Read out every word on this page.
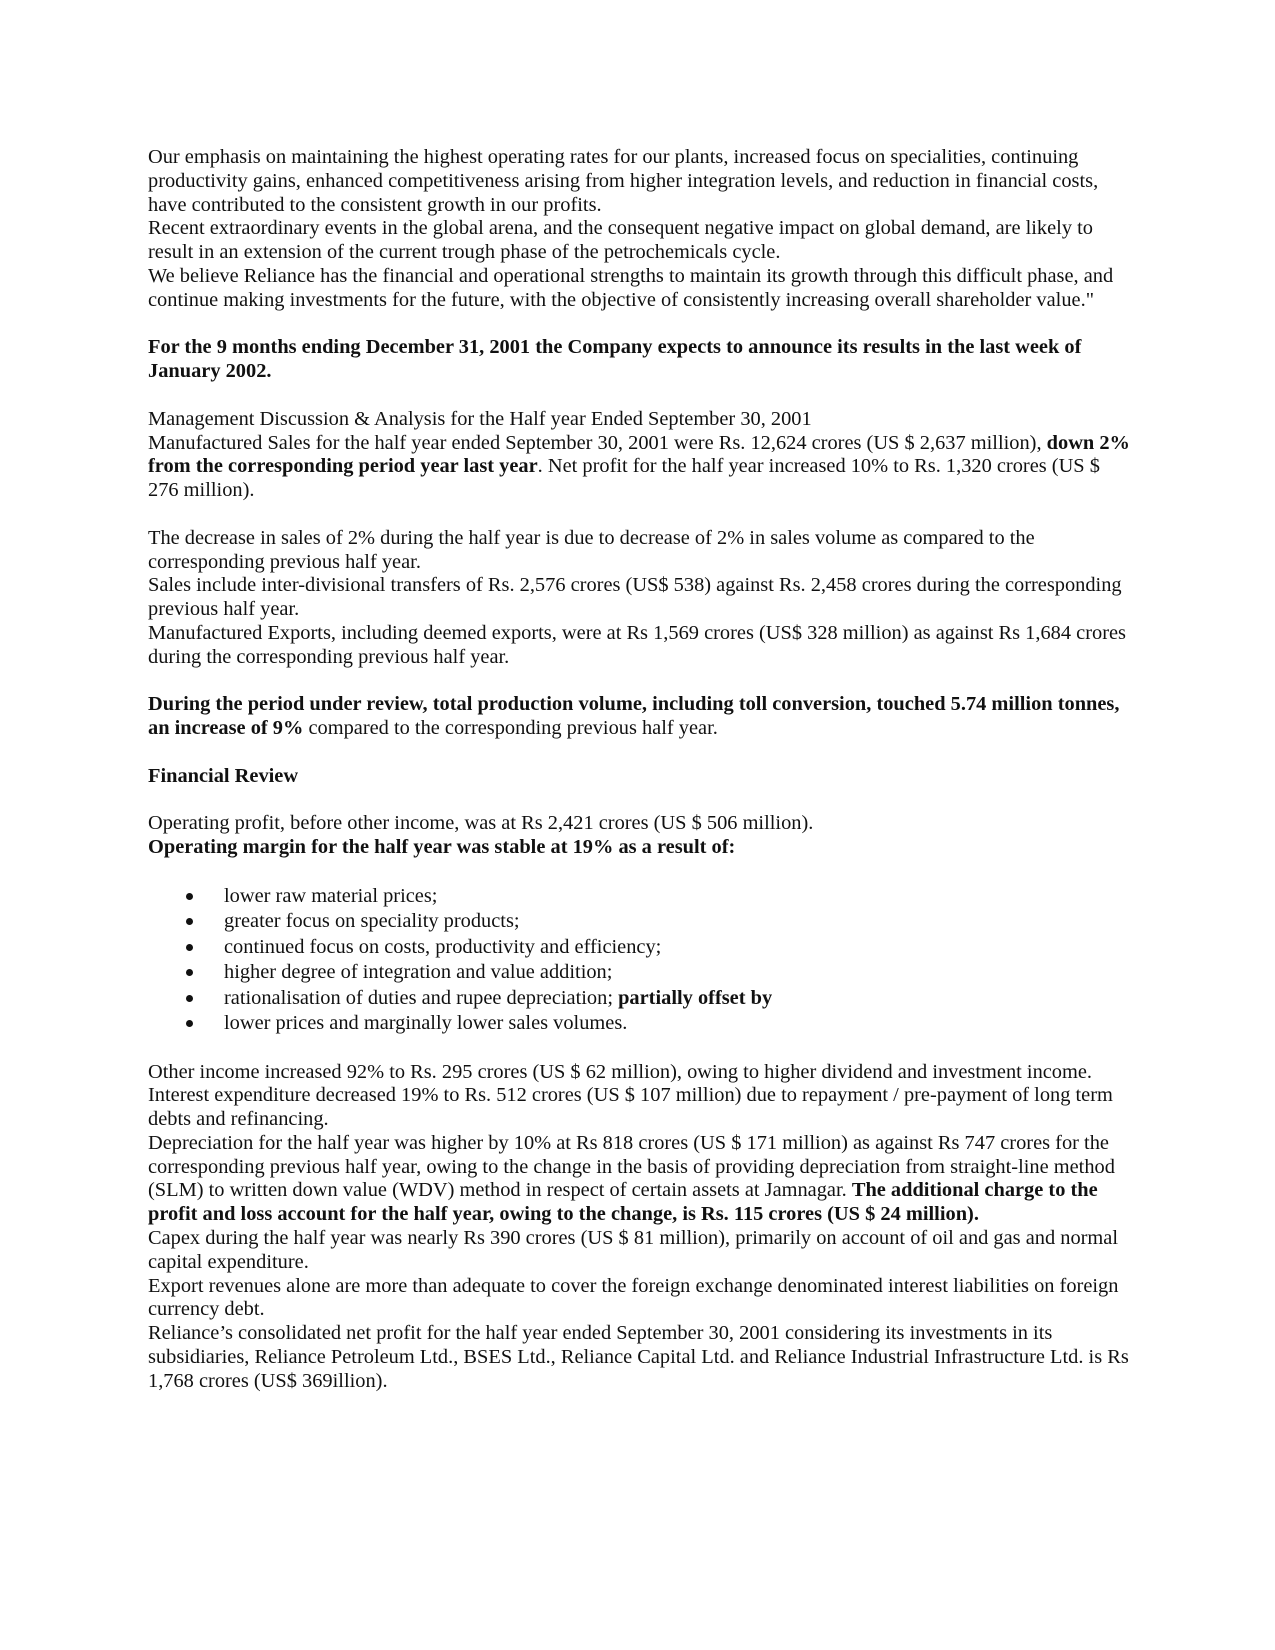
Our emphasis on maintaining the highest operating rates for our plants, increased focus on specialities, continuing productivity gains, enhanced competitiveness arising from higher integration levels, and reduction in financial costs, have contributed to the consistent growth in our profits.

Recent extraordinary events in the global arena, and the consequent negative impact on global demand, are likely to result in an extension of the current trough phase of the petrochemicals cycle.

We believe Reliance has the financial and operational strengths to maintain its growth through this difficult phase, and continue making investments for the future, with the objective of consistently increasing overall shareholder value."

For the 9 months ending December 31, 2001 the Company expects to announce its results in the last week of January 2002.

Management Discussion & Analysis for the Half year Ended September 30, 2001

Manufactured Sales for the half year ended September 30, 2001 were Rs. 12,624 crores (US $ 2,637 million), down 2% from the corresponding period year last year. Net profit for the half year increased 10% to Rs. 1,320 crores (US $ 276 million).

The decrease in sales of 2% during the half year is due to decrease of 2% in sales volume as compared to the corresponding previous half year.

Sales include inter-divisional transfers of Rs. 2,576 crores (US$ 538) against Rs. 2,458 crores during the corresponding previous half year.

Manufactured Exports, including deemed exports, were at Rs 1,569 crores (US$ 328 million) as against Rs 1,684 crores during the corresponding previous half year.

During the period under review, total production volume, including toll conversion, touched 5.74 million tonnes, an increase of 9% compared to the corresponding previous half year.

Financial Review

Operating profit, before other income, was at Rs 2,421 crores (US $ 506 million).

Operating margin for the half year was stable at 19% as a result of:

lower raw material prices;
greater focus on speciality products;
continued focus on costs, productivity and efficiency;
higher degree of integration and value addition;
rationalisation of duties and rupee depreciation; partially offset by
lower prices and marginally lower sales volumes.

Other income increased 92% to Rs. 295 crores (US $ 62 million), owing to higher dividend and investment income.

Interest expenditure decreased 19% to Rs. 512 crores (US $ 107 million) due to repayment / pre-payment of long term debts and refinancing.

Depreciation for the half year was higher by 10% at Rs 818 crores (US $ 171 million) as against Rs 747 crores for the corresponding previous half year, owing to the change in the basis of providing depreciation from straight-line method (SLM) to written down value (WDV) method in respect of certain assets at Jamnagar. The additional charge to the profit and loss account for the half year, owing to the change, is Rs. 115 crores (US $ 24 million).

Capex during the half year was nearly Rs 390 crores (US $ 81 million), primarily on account of oil and gas and normal capital expenditure.

Export revenues alone are more than adequate to cover the foreign exchange denominated interest liabilities on foreign currency debt.

Reliance’s consolidated net profit for the half year ended September 30, 2001 considering its investments in its subsidiaries, Reliance Petroleum Ltd., BSES Ltd., Reliance Capital Ltd. and Reliance Industrial Infrastructure Ltd. is Rs 1,768 crores (US$ 369illion).
